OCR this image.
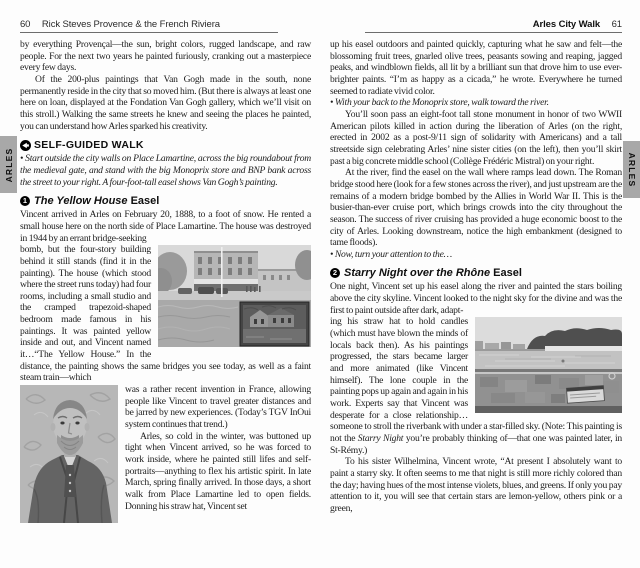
ARLES	ARLES
60 Rick Steves Provence & the French Riviera	Arles City Walk 61

by everything Provençal—the sun, bright colors, rugged landscape, and raw people. For the next two years he painted furiously, cranking out a masterpiece every few days.

Of the 200-plus paintings that Van Gogh made in the south, none permanently reside in the city that so moved him. (But there is always at least one here on loan, displayed at the Fondation Van Gogh gallery, which we’ll visit on this stroll.) Walking the same streets he knew and seeing the places he painted, you can understand how Arles sparked his creativity.

SELF-GUIDED WALK

• Start outside the city walls on Place Lamartine, across the big roundabout from the medieval gate, and stand with the big Monoprix store and BNP bank across the street to your right. A four-foot-tall easel shows Van Gogh’s painting.

1 The Yellow House Easel

Vincent arrived in Arles on February 20, 1888, to a foot of snow. He rented a small house here on the north side of Place Lamartine. The house was destroyed in 1944 by an errant bridge-seeking

bomb, but the four-story building behind it still stands (find it in the painting). The house (which stood where the street runs today) had four rooms, including a small studio and the cramped trapezoid-shaped bedroom made famous in his paintings. It was painted yellow inside and out, and Vincent named it…“The Yellow House.” In the distance, the painting shows the same bridges you see today, as well as a faint steam train—which

was a rather recent invention in France, allowing people like Vincent to travel greater distances and be jarred by new experiences. (Today’s TGV InOui system continues that trend.)

Arles, so cold in the winter, was buttoned up tight when Vincent arrived, so he was forced to work inside, where he painted still lifes and self-portraits—anything to flex his artistic spirit. In late March, spring finally arrived. In those days, a short walk from Place Lamartine led to open fields. Donning his straw hat, Vincent set

up his easel outdoors and painted quickly, capturing what he saw and felt—the blossoming fruit trees, gnarled olive trees, peasants sowing and reaping, jagged peaks, and windblown fields, all lit by a brilliant sun that drove him to use ever-brighter paints. “I’m as happy as a cicada,” he wrote. Everywhere he turned seemed to radiate vivid color.

• With your back to the Monoprix store, walk toward the river.

You’ll soon pass an eight-foot tall stone monument in honor of two WWII American pilots killed in action during the liberation of Arles (on the right, erected in 2002 as a post-9/11 sign of solidarity with Americans) and a tall streetside sign celebrating Arles’ nine sister cities (on the left), then you’ll skirt past a big concrete middle school (Collège Frédéric Mistral) on your right.

At the river, find the easel on the wall where ramps lead down. The Roman bridge stood here (look for a few stones across the river), and just upstream are the remains of a modern bridge bombed by the Allies in World War II. This is the busier-than-ever cruise port, which brings crowds into the city throughout the season. The success of river cruising has provided a huge economic boost to the city of Arles. Looking downstream, notice the high embankment (designed to tame floods).

• Now, turn your attention to the…

2 Starry Night over the Rhône Easel

One night, Vincent set up his easel along the river and painted the stars boiling above the city skyline. Vincent looked to the night sky for the divine and was the first to paint outside after dark, adapt-

ing his straw hat to hold candles (which must have blown the minds of locals back then). As his paintings progressed, the stars became larger and more animated (like Vincent himself). The lone couple in the painting pops up again and again in his work. Experts say that Vincent was desperate for a close relationship…someone to stroll the riverbank with under a star-filled sky. (Note: This painting is not the Starry Night you’re probably thinking of—that one was painted later, in St-Rémy.)

To his sister Wilhelmina, Vincent wrote, “At present I absolutely want to paint a starry sky. It often seems to me that night is still more richly colored than the day; having hues of the most intense violets, blues, and greens. If only you pay attention to it, you will see that certain stars are lemon-yellow, others pink or a green,
